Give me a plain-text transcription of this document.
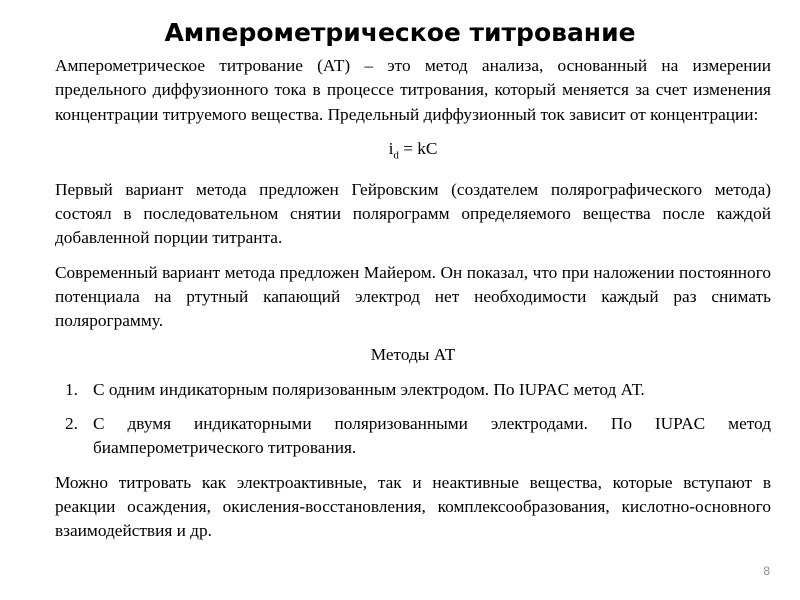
Амперометрическое титрование

Амперометрическое титрование (АТ) – это метод анализа, основанный на измерении предельного диффузионного тока в процессе титрования, который меняется за счет изменения концентрации титруемого вещества. Предельный диффузионный ток зависит от концентрации:

$i_d$ = kC

Первый вариант метода предложен Гейровским (создателем полярографического метода) состоял в последовательном снятии полярограмм определяемого вещества после каждой добавленной порции титранта.

Современный вариант метода предложен Майером. Он показал, что при наложении постоянного потенциала на ртутный капающий электрод нет необходимости каждый раз снимать полярограмму.

Методы АТ

1. С одним индикаторным поляризованным электродом. По IUPAC метод АТ.
2. С двумя индикаторными поляризованными электродами. По IUPAC метод биамперометрического титрования.

Можно титровать как электроактивные, так и неактивные вещества, которые вступают в реакции осаждения, окисления-восстановления, комплексообразования, кислотно-основного взаимодействия и др.

8
